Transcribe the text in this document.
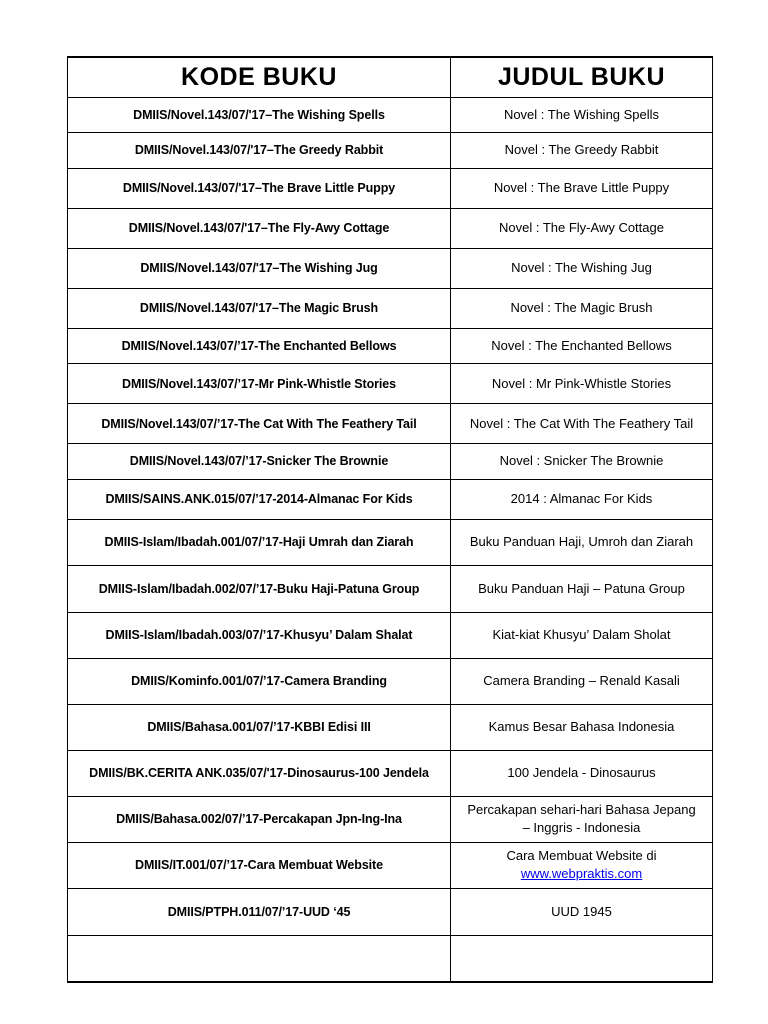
KODE BUKU	JUDUL BUKU
DMIIS/Novel.143/07/'17–The Wishing Spells	Novel : The Wishing Spells

DMIIS/Novel.143/07/'17–The Greedy Rabbit	Novel : The Greedy Rabbit

DMIIS/Novel.143/07/'17–The Brave Little Puppy	Novel : The Brave Little Puppy

DMIIS/Novel.143/07/'17–The Fly-Awy Cottage	Novel : The Fly-Awy Cottage

DMIIS/Novel.143/07/'17–The Wishing Jug	Novel : The Wishing Jug

DMIIS/Novel.143/07/'17–The Magic Brush	Novel : The Magic Brush

DMIIS/Novel.143/07/’17-The Enchanted Bellows	Novel : The Enchanted Bellows

DMIIS/Novel.143/07/’17-Mr Pink-Whistle Stories	Novel : Mr Pink-Whistle Stories

DMIIS/Novel.143/07/’17-The Cat With The Feathery Tail	Novel : The Cat With The Feathery Tail

DMIIS/Novel.143/07/’17-Snicker The Brownie	Novel : Snicker The Brownie

DMIIS/SAINS.ANK.015/07/’17-2014-Almanac For Kids	2014 : Almanac For Kids

DMIIS-Islam/Ibadah.001/07/’17-Haji Umrah dan Ziarah	Buku Panduan Haji, Umroh dan Ziarah

DMIIS-Islam/Ibadah.002/07/’17-Buku Haji-Patuna Group	Buku Panduan Haji – Patuna Group

DMIIS-Islam/Ibadah.003/07/’17-Khusyu’ Dalam Shalat	Kiat-kiat Khusyu’ Dalam Sholat

DMIIS/Kominfo.001/07/’17-Camera Branding	Camera Branding – Renald Kasali

DMIIS/Bahasa.001/07/’17-KBBI Edisi III	Kamus Besar Bahasa Indonesia

DMIIS/BK.CERITA ANK.035/07/'17-Dinosaurus-100 Jendela	100 Jendela - Dinosaurus

DMIIS/Bahasa.002/07/’17-Percakapan Jpn-Ing-Ina	Percakapan sehari-hari Bahasa Jepang
– Inggris - Indonesia

DMIIS/IT.001/07/’17-Cara Membuat Website	Cara Membuat Website di
www.webpraktis.com

DMIIS/PTPH.011/07/’17-UUD ‘45	UUD 1945
